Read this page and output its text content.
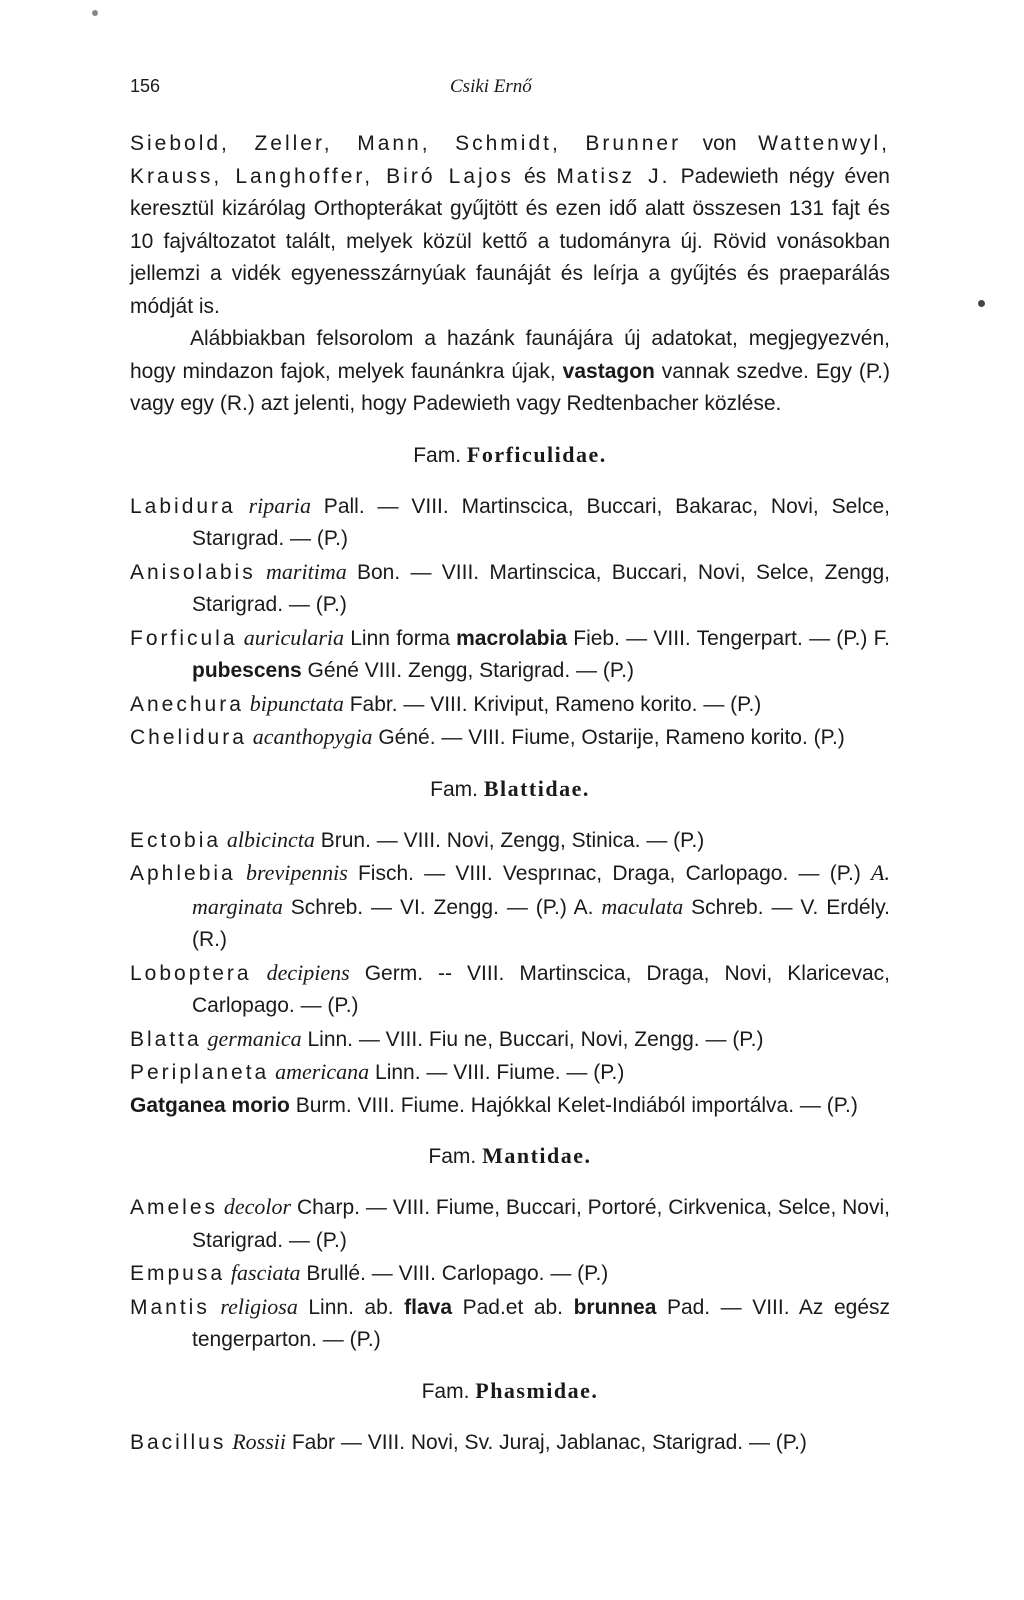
156	Csiki Ernő

Siebold, Zeller, Mann, Schmidt, Brunner von Wattenwyl, Krauss, Langhoffer, Biró Lajos és Matisz J. Padewieth négy éven keresztül kizárólag Orthopterákat gyűjtött és ezen idő alatt összesen 131 fajt és 10 fajváltozatot talált, melyek közül kettő a tudományra új. Rövid vonásokban jellemzi a vidék egyenesszárnyúak faunáját és leírja a gyűjtés és praeparálás módját is.

Alábbiakban felsorolom a hazánk faunájára új adatokat, megjegyezvén, hogy mindazon fajok, melyek faunánkra újak, vastagon vannak szedve. Egy (P.) vagy egy (R.) azt jelenti, hogy Padewieth vagy Redtenbacher közlése.

Fam. Forficulidae.
Labidura riparia Pall. — VIII. Martinscica, Buccari, Bakarac, Novi, Selce, Starıgrad. — (P.)
Anisolabis maritima Bon. — VIII. Martinscica, Buccari, Novi, Selce, Zengg, Starigrad. — (P.)
Forficula auricularia Linn forma macrolabia Fieb. — VIII. Tengerpart. — (P.) F. pubescens Géné VIII. Zengg, Starigrad. — (P.)
Anechura bipunctata Fabr. — VIII. Kriviput, Rameno korito. — (P.)
Chelidura acanthopygia Géné. — VIII. Fiume, Ostarije, Rameno korito. (P.)
Fam. Blattidae.
Ectobia albicincta Brun. — VIII. Novi, Zengg, Stinica. — (P.)
Aphlebia brevipennis Fisch. — VIII. Vesprınac, Draga, Carlopago. — (P.) A. marginata Schreb. — VI. Zengg. — (P.) A. maculata Schreb. — V. Erdély. (R.)
Loboptera decipiens Germ. -- VIII. Martinscica, Draga, Novi, Klaricevac, Carlopago. — (P.)
Blatta germanica Linn. — VIII. Fiu ne, Buccari, Novi, Zengg. — (P.)
Periplaneta americana Linn. — VIII. Fiume. — (P.)
Gatganea morio Burm. VIII. Fiume. Hajókkal Kelet-Indiából importálva. — (P.)
Fam. Mantidae.
Ameles decolor Charp. — VIII. Fiume, Buccari, Portoré, Cirkvenica, Selce, Novi, Starigrad. — (P.)
Empusa fasciata Brullé. — VIII. Carlopago. — (P.)
Mantis religiosa Linn. ab. flava Pad.et ab. brunnea Pad. — VIII. Az egész tengerparton. — (P.)
Fam. Phasmidae.
Bacillus Rossii Fabr — VIII. Novi, Sv. Juraj, Jablanac, Starigrad. — (P.)
